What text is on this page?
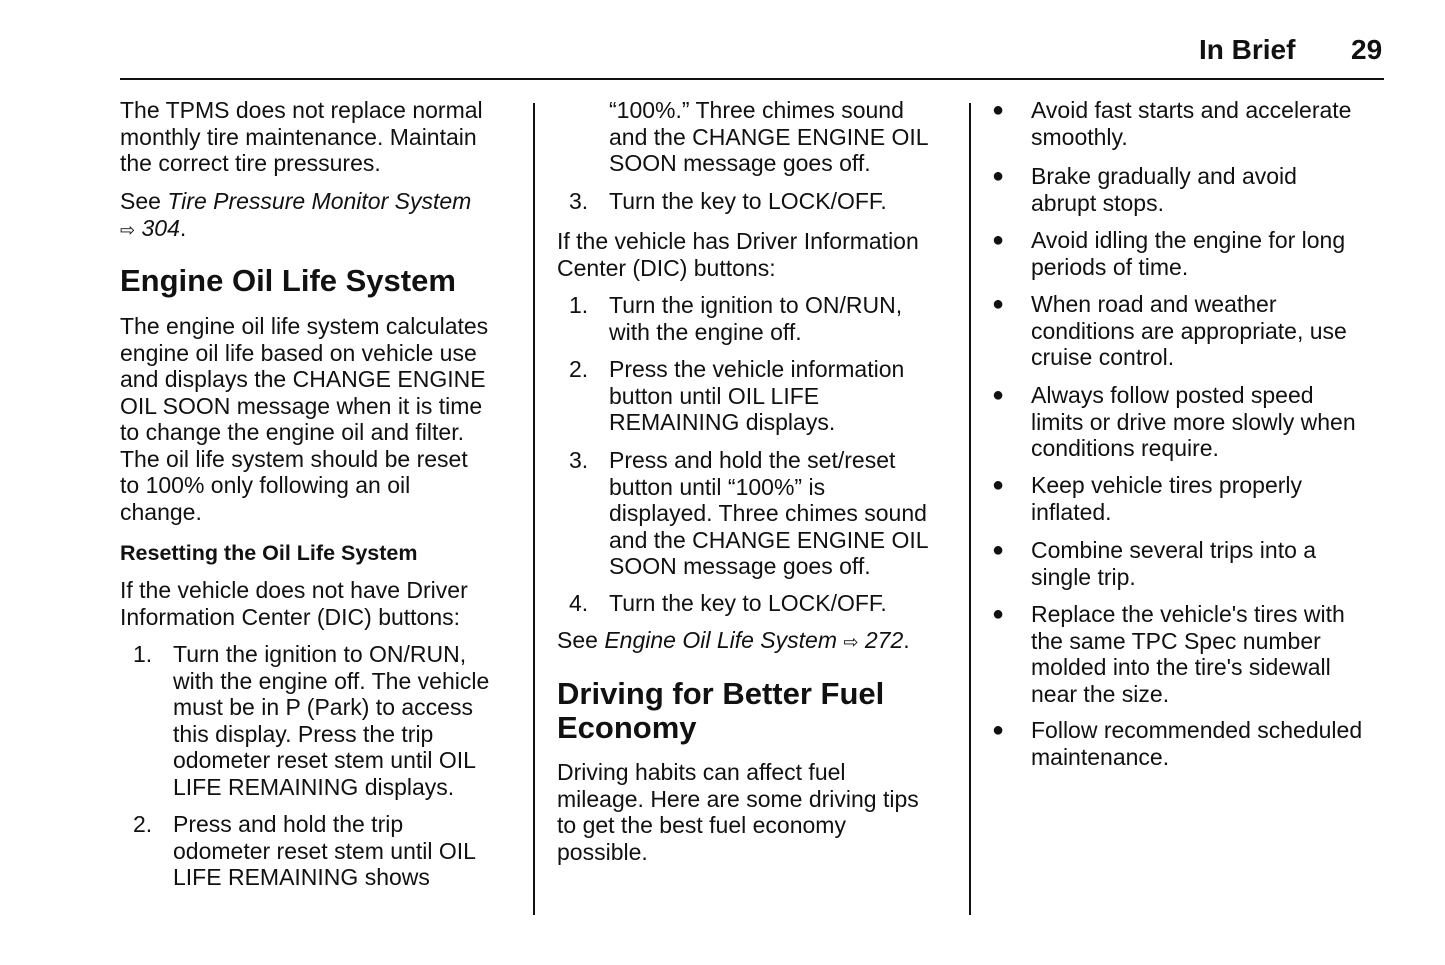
In Brief 29
The TPMS does not replace normal
monthly tire maintenance. Maintain
the correct tire pressures.
See Tire Pressure Monitor System
⇨ 304.
Engine Oil Life System
The engine oil life system calculates
engine oil life based on vehicle use
and displays the CHANGE ENGINE
OIL SOON message when it is time
to change the engine oil and filter.
The oil life system should be reset
to 100% only following an oil
change.
Resetting the Oil Life System
If the vehicle does not have Driver
Information Center (DIC) buttons:
1. Turn the ignition to ON/RUN,
with the engine off. The vehicle
must be in P (Park) to access
this display. Press the trip
odometer reset stem until OIL
LIFE REMAINING displays.
2. Press and hold the trip
odometer reset stem until OIL
LIFE REMAINING shows
“100%.” Three chimes sound
and the CHANGE ENGINE OIL
SOON message goes off.
3. Turn the key to LOCK/OFF.
If the vehicle has Driver Information
Center (DIC) buttons:
1. Turn the ignition to ON/RUN,
with the engine off.
2. Press the vehicle information
button until OIL LIFE
REMAINING displays.
3. Press and hold the set/reset
button until “100%” is
displayed. Three chimes sound
and the CHANGE ENGINE OIL
SOON message goes off.
4. Turn the key to LOCK/OFF.
See Engine Oil Life System ⇨ 272.
Driving for Better Fuel
Economy
Driving habits can affect fuel
mileage. Here are some driving tips
to get the best fuel economy
possible.
● Avoid fast starts and accelerate
smoothly.
● Brake gradually and avoid
abrupt stops.
● Avoid idling the engine for long
periods of time.
● When road and weather
conditions are appropriate, use
cruise control.
● Always follow posted speed
limits or drive more slowly when
conditions require.
● Keep vehicle tires properly
inflated.
● Combine several trips into a
single trip.
● Replace the vehicle's tires with
the same TPC Spec number
molded into the tire's sidewall
near the size.
● Follow recommended scheduled
maintenance.
